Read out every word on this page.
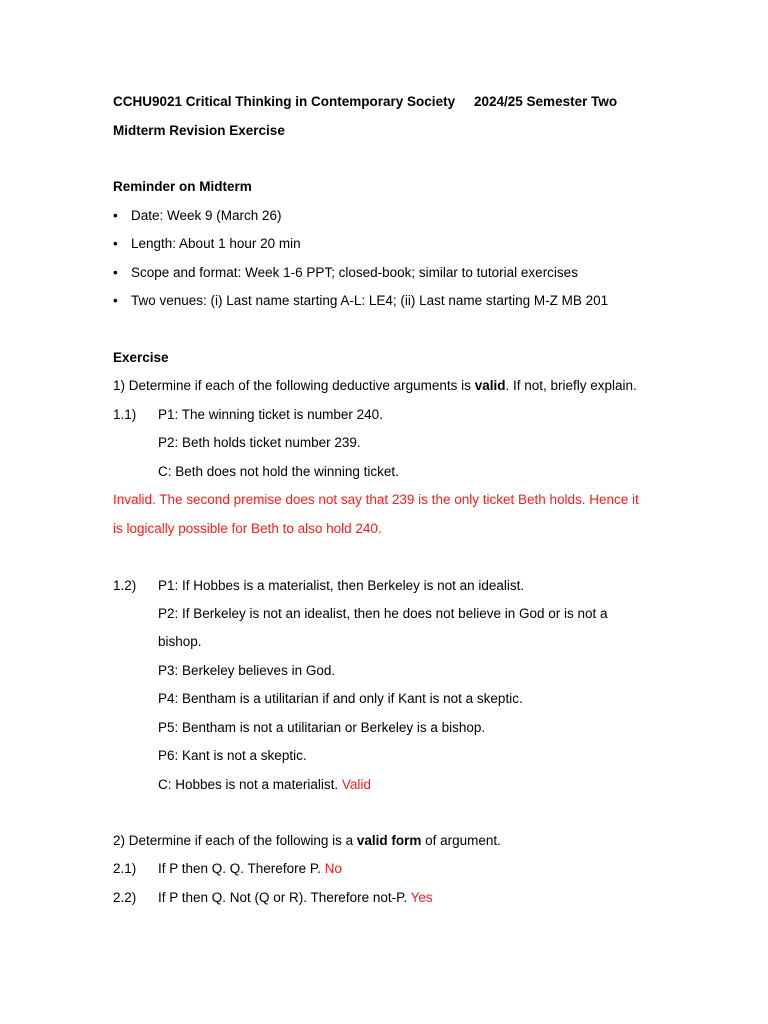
CCHU9021 Critical Thinking in Contemporary Society 2024/25 Semester Two
Midterm Revision Exercise
Reminder on Midterm
• Date: Week 9 (March 26)
• Length: About 1 hour 20 min
• Scope and format: Week 1-6 PPT; closed-book; similar to tutorial exercises
• Two venues: (i) Last name starting A-L: LE4; (ii) Last name starting M-Z MB 201
Exercise
1) Determine if each of the following deductive arguments is valid. If not, briefly explain.
1.1) P1: The winning ticket is number 240.
P2: Beth holds ticket number 239.
C: Beth does not hold the winning ticket.
Invalid. The second premise does not say that 239 is the only ticket Beth holds. Hence it
is logically possible for Beth to also hold 240.
1.2) P1: If Hobbes is a materialist, then Berkeley is not an idealist.
P2: If Berkeley is not an idealist, then he does not believe in God or is not a
bishop.
P3: Berkeley believes in God.
P4: Bentham is a utilitarian if and only if Kant is not a skeptic.
P5: Bentham is not a utilitarian or Berkeley is a bishop.
P6: Kant is not a skeptic.
C: Hobbes is not a materialist. Valid
2) Determine if each of the following is a valid form of argument.
2.1) If P then Q. Q. Therefore P. No
2.2) If P then Q. Not (Q or R). Therefore not-P. Yes
